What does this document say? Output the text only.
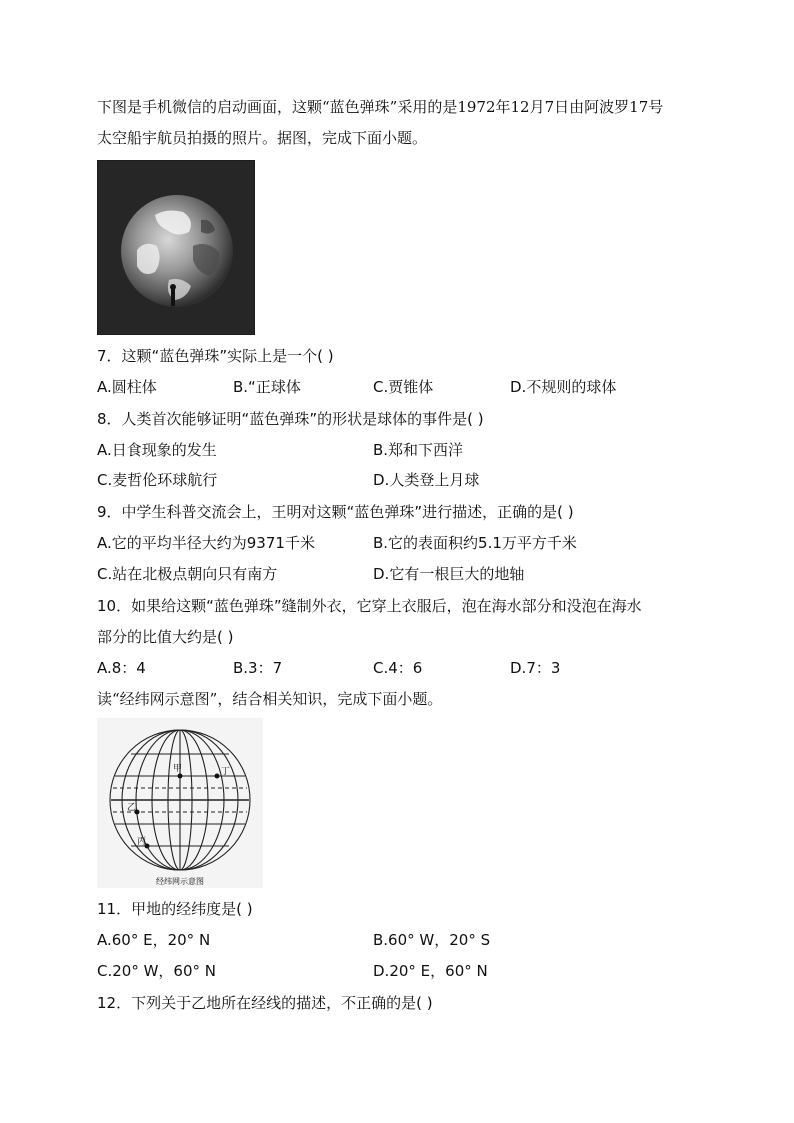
下图是手机微信的启动画面，这颗“蓝色弹珠”采用的是1972年12月7日由阿波罗17号
太空船宇航员拍摄的照片。据图，完成下面小题。
7．这颗“蓝色弹珠”实际上是一个( )
A.圆柱体	B.“正球体	C.贾锥体	D.不规则的球体
8．人类首次能够证明“蓝色弹珠”的形状是球体的事件是( )
A.日食现象的发生	B.郑和下西洋
C.麦哲伦环球航行	D.人类登上月球
9．中学生科普交流会上，王明对这颗“蓝色弹珠”进行描述，正确的是( )
A.它的平均半径大约为9371千米	B.它的表面积约5.1万平方千米
C.站在北极点朝向只有南方	D.它有一根巨大的地轴
10．如果给这颗“蓝色弹珠”缝制外衣，它穿上衣服后，泡在海水部分和没泡在海水
部分的比值大约是( )
A.8：4	B.3：7	C.4：6	D.7：3
读“经纬网示意图”，结合相关知识，完成下面小题。
甲	丁
乙
丙
经纬网示意图
11．甲地的经纬度是( )
A.60° E，20° N	B.60° W，20° S
C.20° W，60° N	D.20° E，60° N
12．下列关于乙地所在经线的描述，不正确的是( )
